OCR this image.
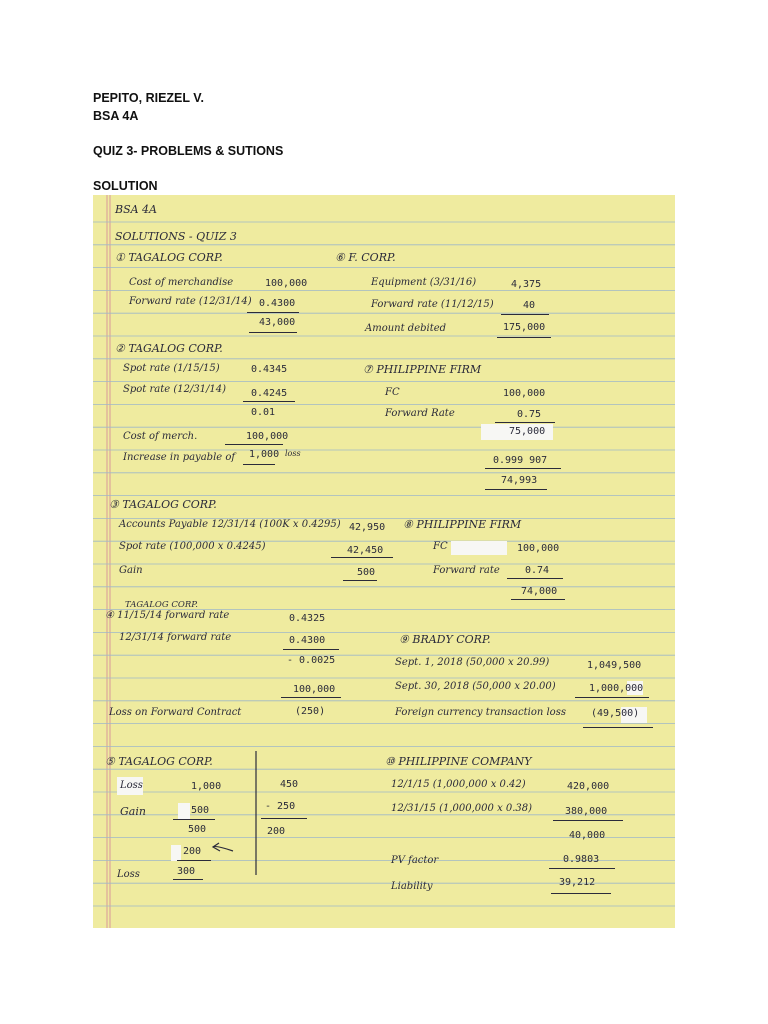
PEPITO, RIEZEL V.
BSA 4A
QUIZ 3- PROBLEMS & SUTIONS
SOLUTION
BSA 4A
SOLUTIONS - QUIZ 3
① TAGALOG CORP.
Cost of merchandise	100,000
Forward rate (12/31/14) 0.4300
43,000
② TAGALOG CORP.
Spot rate (1/15/15)	0.4345
Spot rate (12/31/14) 0.4245
0.01
Cost of merch.	100,000
Increase in payable of 1,000 loss
③ TAGALOG CORP.
Accounts Payable 12/31/14 (100K x 0.4295) 42,950
Spot rate (100,000 x 0.4245)	42,450
Gain	500
TAGALOG CORP.
④ 11/15/14 forward rate	0.4325
12/31/14 forward rate	0.4300
- 0.0025
100,000
Loss on Forward Contract	(250)
⑤ TAGALOG CORP.
Loss	1,000	450
Gain	500	- 250
500	200
200
Loss	300
⑥ F. CORP.
Equipment (3/31/16)	4,375
Forward rate (11/12/15)	40
Amount debited	175,000
⑦ PHILIPPINE FIRM
FC	100,000
Forward Rate	0.75
75,000
0.999 907
74,993
⑧ PHILIPPINE FIRM
FC	100,000
Forward rate	0.74
74,000
⑨ BRADY CORP.
Sept. 1, 2018 (50,000 x 20.99)	1,049,500
Sept. 30, 2018 (50,000 x 20.00)	1,000,000
Foreign currency transaction loss	(49,500)
⑩ PHILIPPINE COMPANY
12/1/15 (1,000,000 x 0.42)	420,000
12/31/15 (1,000,000 x 0.38)	380,000
40,000
PV factor	0.9803
Liability	39,212
